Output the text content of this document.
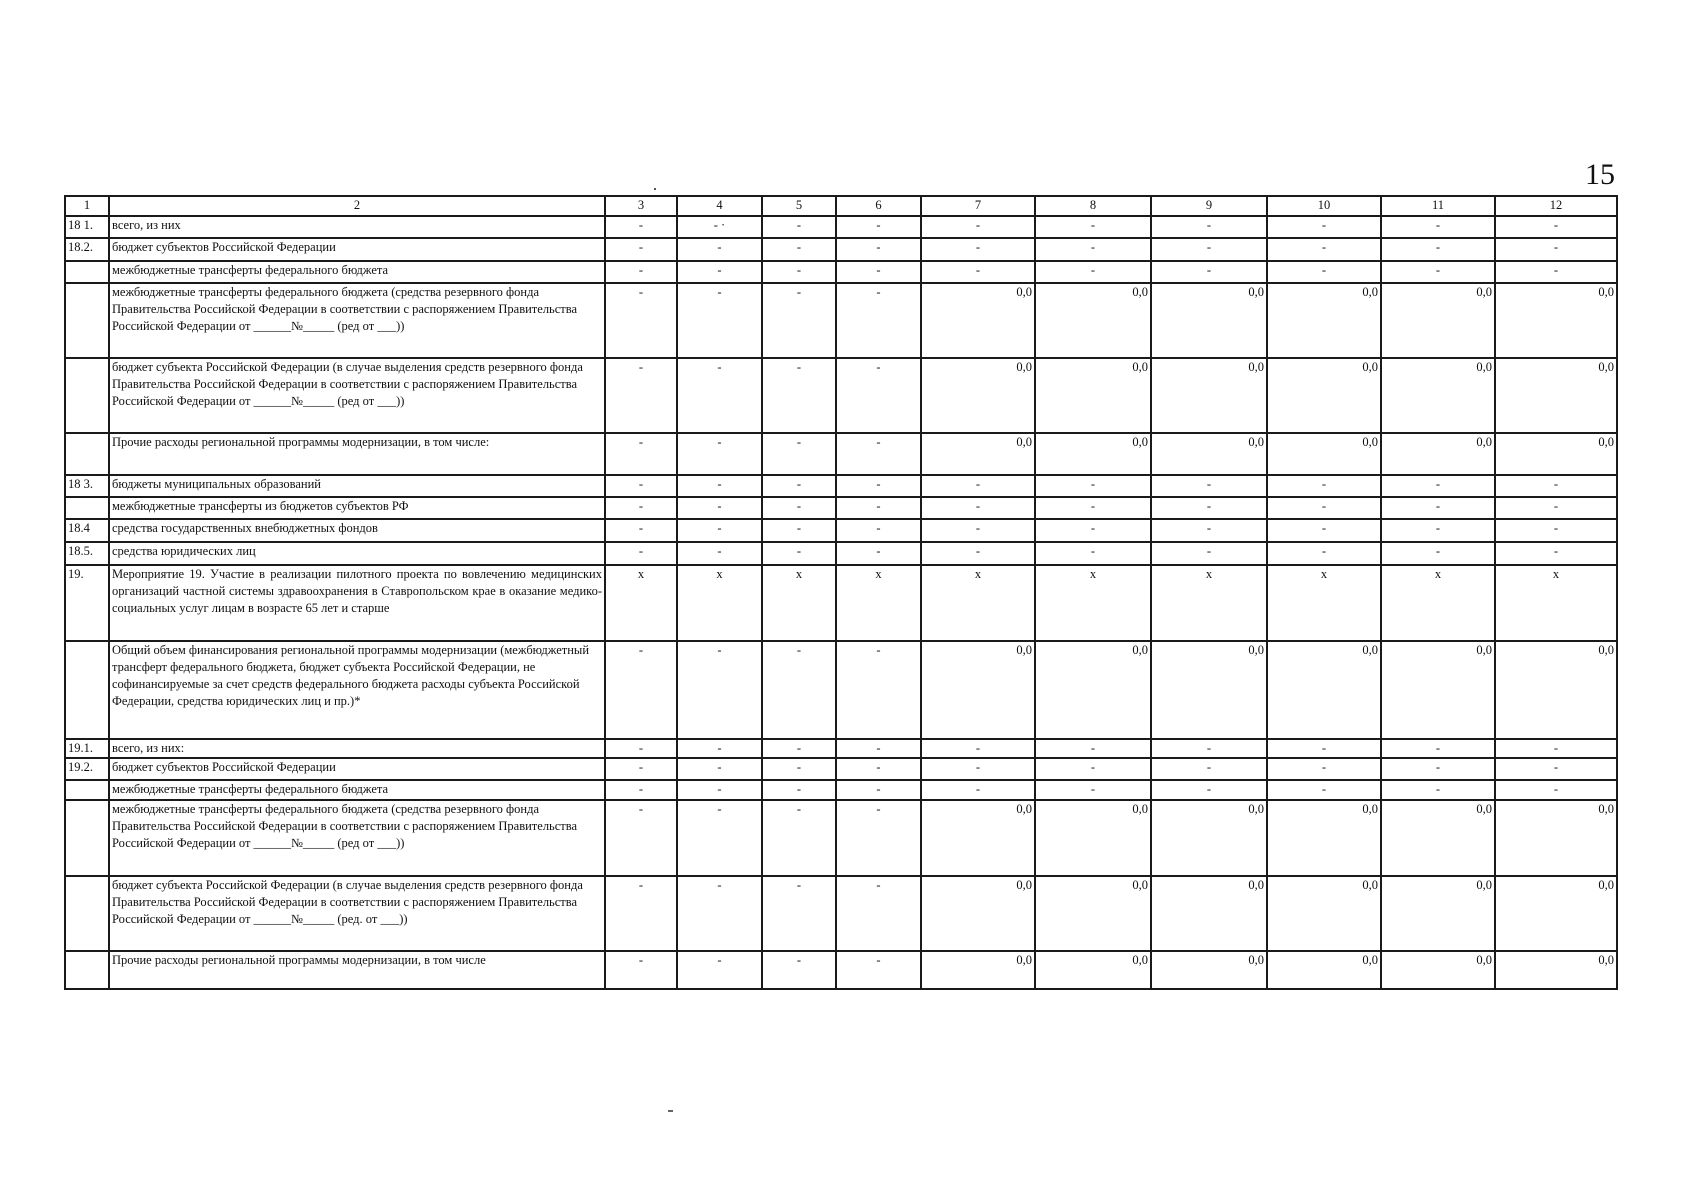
15
1	2	3	4	5	6	7	8	9	10	11	12
18 1.	всего, из них	-	- ·	-	-	-	-	-	-	-	-
18.2.	бюджет субъектов Российской Федерации	-	-	-	-	-	-	-	-	-	-
	межбюджетные трансферты федерального бюджета	-	-	-	-	-	-	-	-	-	-
	межбюджетные трансферты федерального бюджета (средства резервного фонда Правительства Российской Федерации в соответствии с распоряжением Правительства Российской Федерации от ______№_____ (ред от ___))	-	-	-	-	0,0	0,0	0,0	0,0	0,0	0,0
	бюджет субъекта Российской Федерации (в случае выделения средств резервного фонда Правительства Российской Федерации в соответствии с распоряжением Правительства Российской Федерации от ______№_____ (ред от ___))	-	-	-	-	0,0	0,0	0,0	0,0	0,0	0,0
	Прочие расходы региональной программы модернизации, в том числе:	-	-	-	-	0,0	0,0	0,0	0,0	0,0	0,0
18 3.	бюджеты муниципальных образований	-	-	-	-	-	-	-	-	-	-
	межбюджетные трансферты из бюджетов субъектов РФ	-	-	-	-	-	-	-	-	-	-
18.4	средства государственных внебюджетных фондов	-	-	-	-	-	-	-	-	-	-
18.5.	средства юридических лиц	-	-	-	-	-	-	-	-	-	-
19.	Мероприятие 19. Участие в реализации пилотного проекта по вовлечению медицинских организаций частной системы здравоохранения в Ставропольском крае в оказание медико-социальных услуг лицам в возрасте 65 лет и старше	x	x	x	x	x	x	x	x	x	x
	Общий объем финансирования региональной программы модернизации (межбюджетный трансферт федерального бюджета, бюджет субъекта Российской Федерации, не софинансируемые за счет средств федерального бюджета расходы субъекта Российской Федерации, средства юридических лиц и пр.)*	-	-	-	-	0,0	0,0	0,0	0,0	0,0	0,0
19.1.	всего, из них:	-	-	-	-	-	-	-	-	-	-
19.2.	бюджет субъектов Российской Федерации	-	-	-	-	-	-	-	-	-	-
	межбюджетные трансферты федерального бюджета	-	-	-	-	-	-	-	-	-	-
	межбюджетные трансферты федерального бюджета (средства резервного фонда Правительства Российской Федерации в соответствии с распоряжением Правительства Российской Федерации от ______№_____ (ред от ___))	-	-	-	-	0,0	0,0	0,0	0,0	0,0	0,0
	бюджет субъекта Российской Федерации (в случае выделения средств резервного фонда Правительства Российской Федерации в соответствии с распоряжением Правительства Российской Федерации от ______№_____ (ред. от ___))	-	-	-	-	0,0	0,0	0,0	0,0	0,0	0,0
	Прочие расходы региональной программы модернизации, в том числе	-	-	-	-	0,0	0,0	0,0	0,0	0,0	0,0
